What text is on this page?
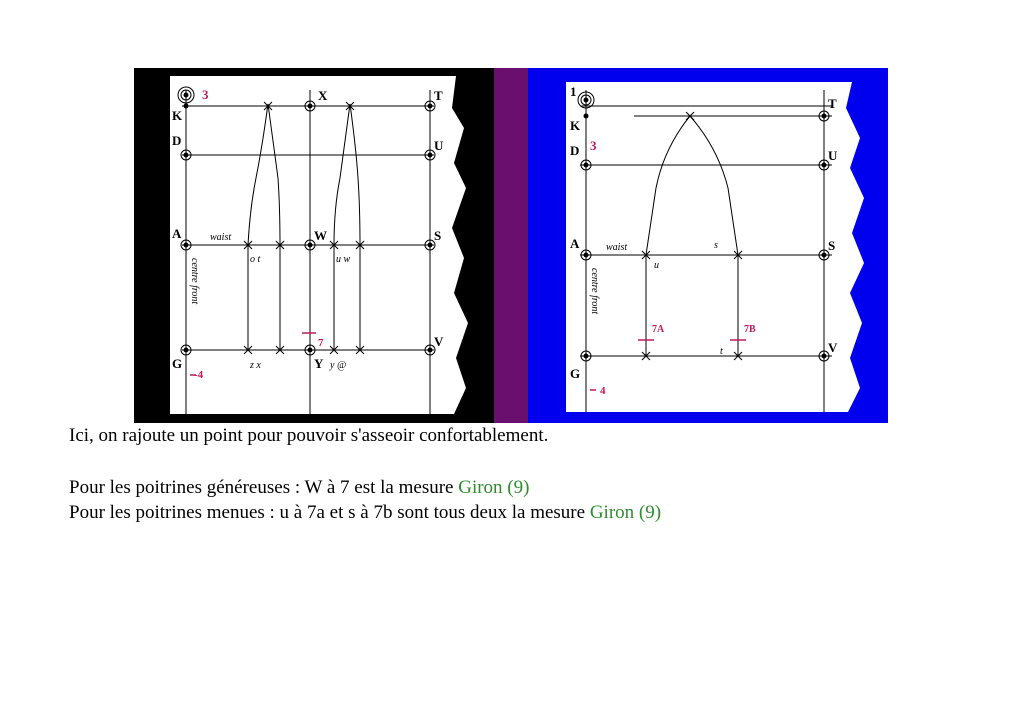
3	T
K
D	U
A	W	S
G
V
Y
7
X
-4
waist
centre front	o t	u w
z x	y @
1
T
K
D 3
A
U
S
G
V
7A	7B
4
waist
centre front
u
s
t
Ici, on rajoute un point pour pouvoir s'asseoir confortablement.
Pour les poitrines généreuses : W à 7 est la mesure Giron (9)
Pour les poitrines menues : u à 7a et s à 7b sont tous deux la mesure Giron (9)
